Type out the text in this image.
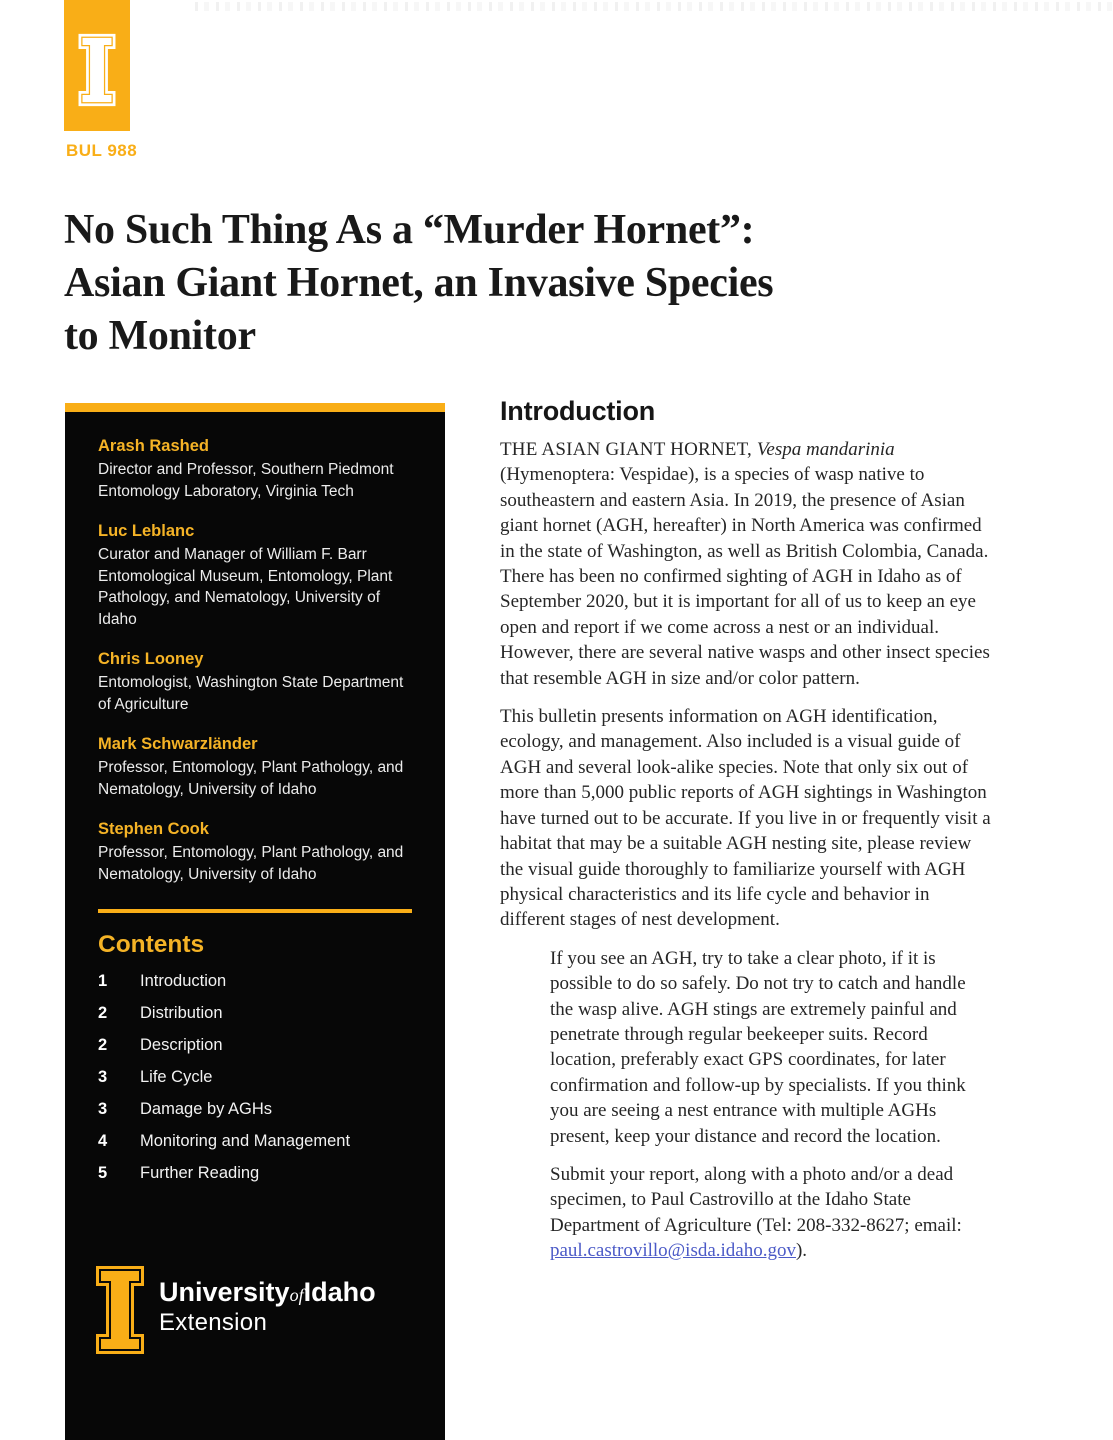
BUL 988
No Such Thing As a “Murder Hornet”:
Asian Giant Hornet, an Invasive Species
to Monitor
Arash Rashed
Director and Professor, Southern Piedmont Entomology Laboratory, Virginia Tech
Luc Leblanc
Curator and Manager of William F. Barr Entomological Museum, Entomology, Plant Pathology, and Nematology, University of Idaho
Chris Looney
Entomologist, Washington State Department of Agriculture
Mark Schwarzländer
Professor, Entomology, Plant Pathology, and Nematology, University of Idaho
Stephen Cook
Professor, Entomology, Plant Pathology, and Nematology, University of Idaho
Contents
1	Introduction
2	Distribution
2	Description
3	Life Cycle
3	Damage by AGHs
4	Monitoring and Management
5	Further Reading
UniversityofIdaho
Extension
Introduction

THE ASIAN GIANT HORNET, Vespa mandarinia (Hymenoptera: Vespidae), is a species of wasp native to southeastern and eastern Asia. In 2019, the presence of Asian giant hornet (AGH, hereafter) in North America was confirmed in the state of Washington, as well as British Colombia, Canada. There has been no confirmed sighting of AGH in Idaho as of September 2020, but it is important for all of us to keep an eye open and report if we come across a nest or an individual. However, there are several native wasps and other insect species that resemble AGH in size and/or color pattern.

This bulletin presents information on AGH identification, ecology, and management. Also included is a visual guide of AGH and several look-alike species. Note that only six out of more than 5,000 public reports of AGH sightings in Washington have turned out to be accurate. If you live in or frequently visit a habitat that may be a suitable AGH nesting site, please review the visual guide thoroughly to familiarize yourself with AGH physical characteristics and its life cycle and behavior in different stages of nest development.

If you see an AGH, try to take a clear photo, if it is possible to do so safely. Do not try to catch and handle the wasp alive. AGH stings are extremely painful and penetrate through regular beekeeper suits. Record location, preferably exact GPS coordinates, for later confirmation and follow-up by specialists. If you think you are seeing a nest entrance with multiple AGHs present, keep your distance and record the location.

Submit your report, along with a photo and/or a dead specimen, to Paul Castrovillo at the Idaho State Department of Agriculture (Tel: 208-332-8627; email: paul.castrovillo@isda.idaho.gov).
